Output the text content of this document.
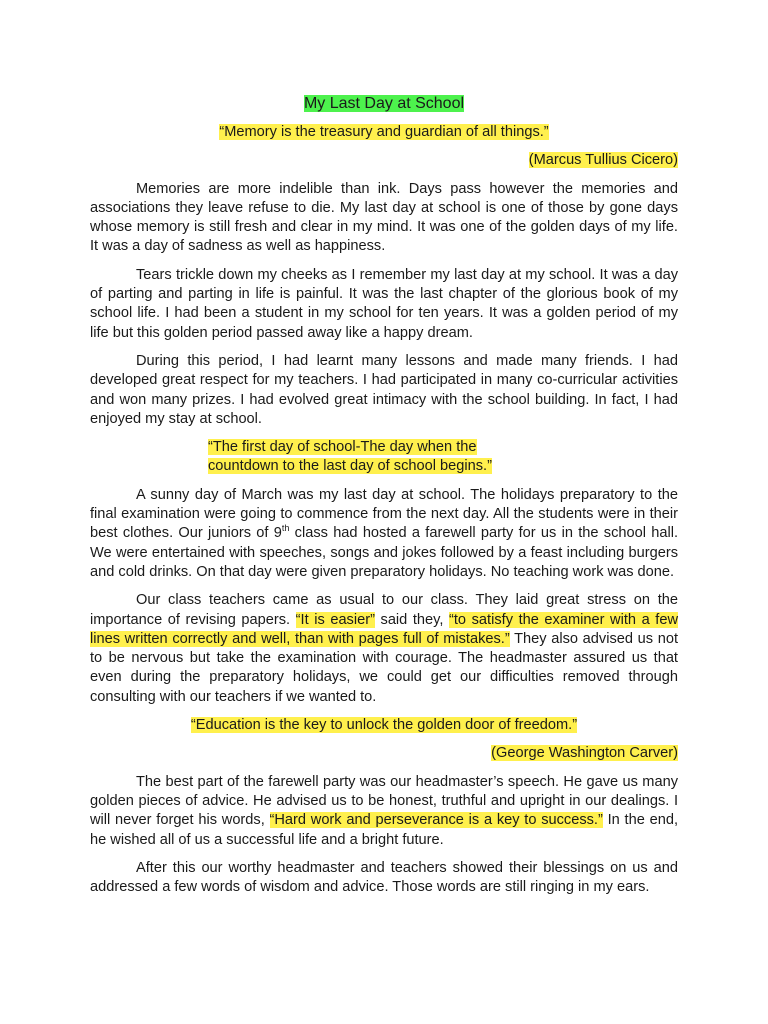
My Last Day at School

“Memory is the treasury and guardian of all things.”

(Marcus Tullius Cicero)

Memories are more indelible than ink. Days pass however the memories and associations they leave refuse to die. My last day at school is one of those by gone days whose memory is still fresh and clear in my mind. It was one of the golden days of my life. It was a day of sadness as well as happiness.

Tears trickle down my cheeks as I remember my last day at my school. It was a day of parting and parting in life is painful. It was the last chapter of the glorious book of my school life. I had been a student in my school for ten years. It was a golden period of my life but this golden period passed away like a happy dream.

During this period, I had learnt many lessons and made many friends. I had developed great respect for my teachers. I had participated in many co-curricular activities and won many prizes. I had evolved great intimacy with the school building. In fact, I had enjoyed my stay at school.

“The first day of school-The day when the
countdown to the last day of school begins.”

A sunny day of March was my last day at school. The holidays preparatory to the final examination were going to commence from the next day. All the students were in their best clothes. Our juniors of 9th class had hosted a farewell party for us in the school hall. We were entertained with speeches, songs and jokes followed by a feast including burgers and cold drinks. On that day were given preparatory holidays. No teaching work was done.

Our class teachers came as usual to our class. They laid great stress on the importance of revising papers. “It is easier” said they, “to satisfy the examiner with a few lines written correctly and well, than with pages full of mistakes.” They also advised us not to be nervous but take the examination with courage. The headmaster assured us that even during the preparatory holidays, we could get our difficulties removed through consulting with our teachers if we wanted to.

“Education is the key to unlock the golden door of freedom.”

(George Washington Carver)

The best part of the farewell party was our headmaster’s speech. He gave us many golden pieces of advice. He advised us to be honest, truthful and upright in our dealings. I will never forget his words, “Hard work and perseverance is a key to success.” In the end, he wished all of us a successful life and a bright future.

After this our worthy headmaster and teachers showed their blessings on us and addressed a few words of wisdom and advice. Those words are still ringing in my ears.
